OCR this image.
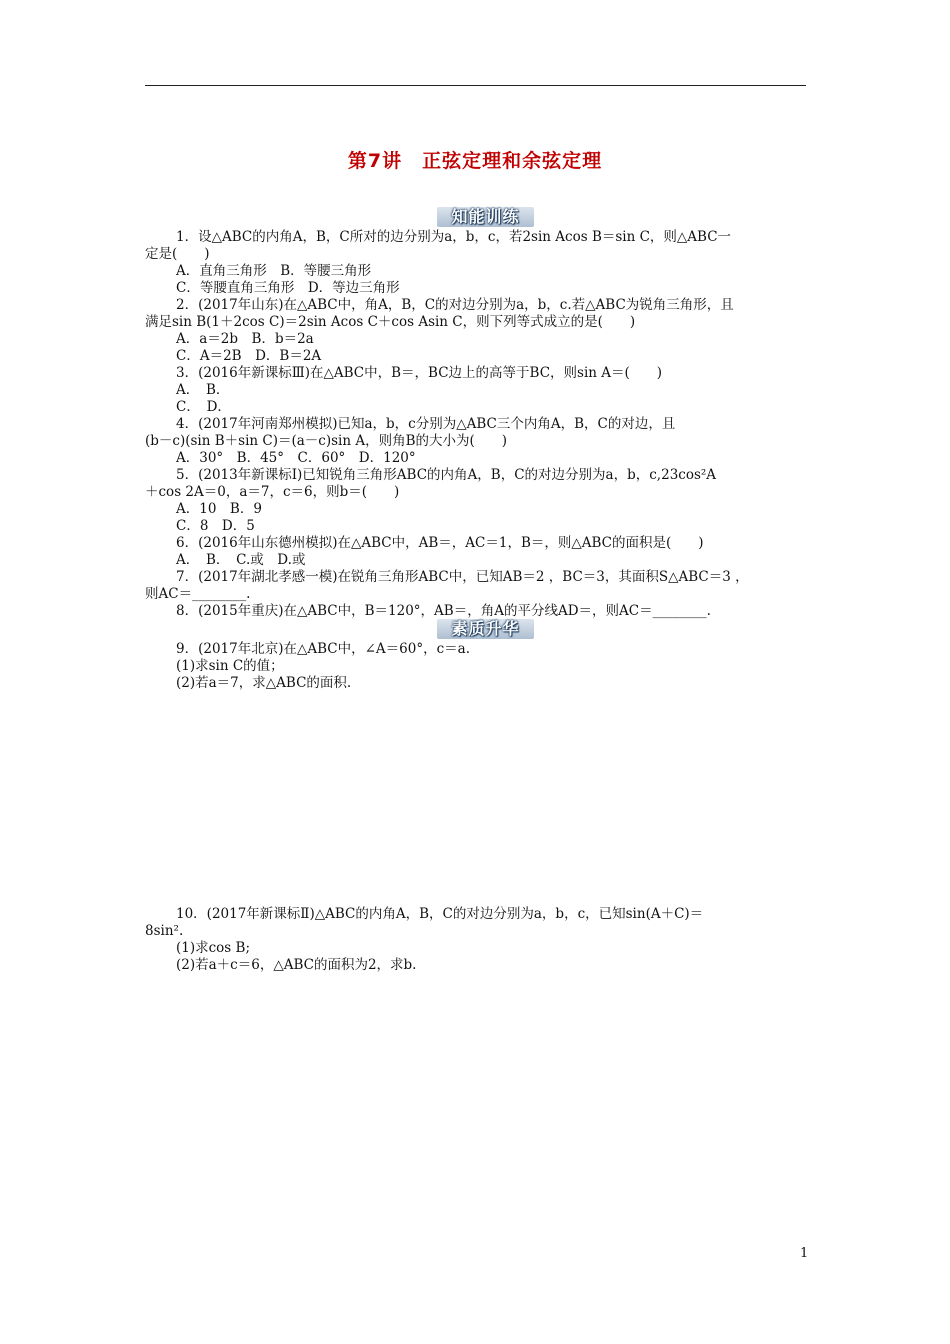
第7讲　正弦定理和余弦定理
知能训练
1．设△ABC的内角A，B，C所对的边分别为a，b，c，若2sin Acos B＝sin C，则△ABC一
定是(　　)
A．直角三角形　B．等腰三角形
C．等腰直角三角形　D．等边三角形
2．(2017年山东)在△ABC中，角A，B，C的对边分别为a，b，c.若△ABC为锐角三角形，且
满足sin B(1＋2cos C)＝2sin Acos C＋cos Asin C，则下列等式成立的是(　　)
A．a＝2b　B．b＝2a
C．A＝2B　D．B＝2A
3．(2016年新课标Ⅲ)在△ABC中，B＝，BC边上的高等于BC，则sin A＝(　　)
A．　B．
C．　D．
4．(2017年河南郑州模拟)已知a，b，c分别为△ABC三个内角A，B，C的对边，且
(b－c)(sin B＋sin C)＝(a－c)sin A，则角B的大小为(　　)
A．30°　B．45°　C．60°　D．120°
5．(2013年新课标Ⅰ)已知锐角三角形ABC的内角A，B，C的对边分别为a，b，c,23cos²A
＋cos 2A＝0，a＝7，c＝6，则b＝(　　)
A．10　B．9
C．8　D．5
6．(2016年山东德州模拟)在△ABC中，AB＝，AC＝1，B＝，则△ABC的面积是(　　)
A．　B．　C.或　D.或
7．(2017年湖北孝感一模)在锐角三角形ABC中，已知AB＝2 ，BC＝3，其面积S△ABC＝3 ，
则AC＝________.
8．(2015年重庆)在△ABC中，B＝120°，AB＝，角A的平分线AD＝，则AC＝________.
素质升华
9．(2017年北京)在△ABC中，∠A＝60°，c＝a.
(1)求sin C的值；
(2)若a＝7，求△ABC的面积.
10．(2017年新课标Ⅱ)△ABC的内角A，B，C的对边分别为a，b，c，已知sin(A＋C)＝
8sin².
(1)求cos B;
(2)若a＋c＝6，△ABC的面积为2，求b.
1
